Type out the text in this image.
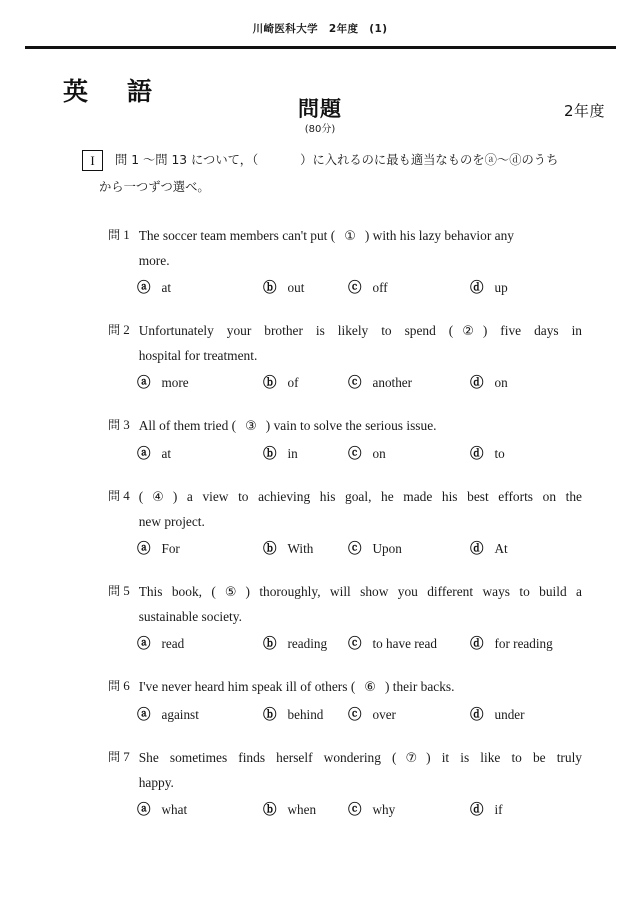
川崎医科大学　2年度　(1)
英　語
問題
(80分)
2年度
I	問 1 ～問 13 について，（	）に入れるのに最も適当なものをⓐ～ⓓのうち
から一つずつ選べ。
問 1 The soccer team members can't put ( ① ) with his lazy behavior any
more.
ⓐ at	ⓑ out	ⓒ off	ⓓ up
問 2 Unfortunately your brother is likely to spend ( ② ) five days in
hospital for treatment.
ⓐ more	ⓑ of	ⓒ another	ⓓ on
問 3 All of them tried ( ③ ) vain to solve the serious issue.
ⓐ at	ⓑ in	ⓒ on	ⓓ to
問 4 ( ④ ) a view to achieving his goal, he made his best efforts on the
new project.
ⓐ For	ⓑ With	ⓒ Upon	ⓓ At
問 5 This book, ( ⑤ ) thoroughly, will show you different ways to build a
sustainable society.
ⓐ read	ⓑ reading ⓒ to have read ⓓ for reading
問 6 I've never heard him speak ill of others ( ⑥ ) their backs.
ⓐ against	ⓑ behind ⓒ over	ⓓ under
問 7 She sometimes finds herself wondering ( ⑦ ) it is like to be truly
happy.
ⓐ what	ⓑ when ⓒ why	ⓓ if
